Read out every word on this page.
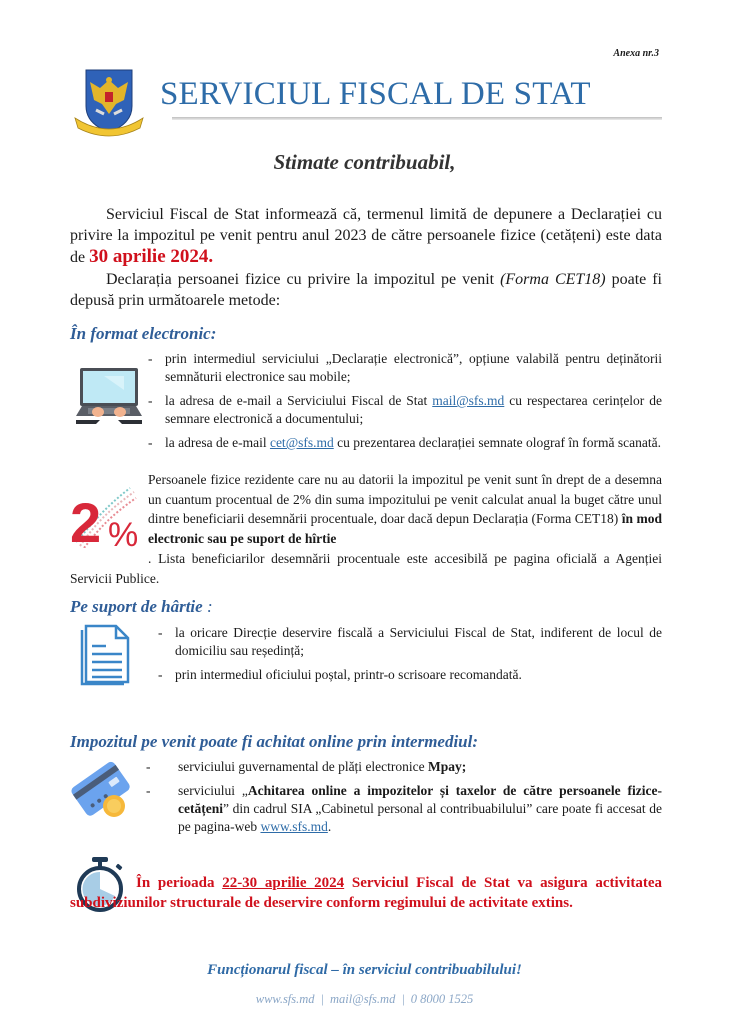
Anexa nr.3
SERVICIUL FISCAL DE STAT
Stimate contribuabil,
Serviciul Fiscal de Stat informează că, termenul limită de depunere a Declarației cu privire la impozitul pe venit pentru anul 2023 de către persoanele fizice (cetățeni) este data de 30 aprilie 2024.
Declarația persoanei fizice cu privire la impozitul pe venit (Forma CET18) poate fi depusă prin următoarele metode:
În format electronic:
- prin intermediul serviciului „Declarație electronică”, opțiune valabilă pentru deținătorii semnăturii electronice sau mobile;
- la adresa de e-mail a Serviciului Fiscal de Stat mail@sfs.md cu respectarea cerințelor de semnare electronică a documentului;
- la adresa de e-mail cet@sfs.md cu prezentarea declarației semnate olograf în formă scanată.
2 %
Persoanele fizice rezidente care nu au datorii la impozitul pe venit sunt în drept de a desemna un cuantum procentual de 2% din suma impozitului pe venit calculat anual la buget către unul dintre beneficiarii desemnării procentuale, doar dacă depun Declarația (Forma CET18) în mod electronic sau pe suport de hîrtie
. Lista beneficiarilor desemnării procentuale este accesibilă pe pagina oficială a Agenției Servicii Publice.
Pe suport de hârtie :
- la oricare Direcție deservire fiscală a Serviciului Fiscal de Stat, indiferent de locul de domiciliu sau reședință;
- prin intermediul oficiului poștal, printr-o scrisoare recomandată.
Impozitul pe venit poate fi achitat online prin intermediul:
- serviciului guvernamental de plăți electronice Mpay;
- serviciului „Achitarea online a impozitelor și taxelor de către persoanele fizice-cetățeni” din cadrul SIA „Cabinetul personal al contribuabilului” care poate fi accesat de pe pagina-web www.sfs.md.
În perioada 22-30 aprilie 2024 Serviciul Fiscal de Stat va asigura activitatea subdiviziunilor structurale de deservire conform regimului de activitate extins.
Funcționarul fiscal – în serviciul contribuabilului!
www.sfs.md | mail@sfs.md | 0 8000 1525
